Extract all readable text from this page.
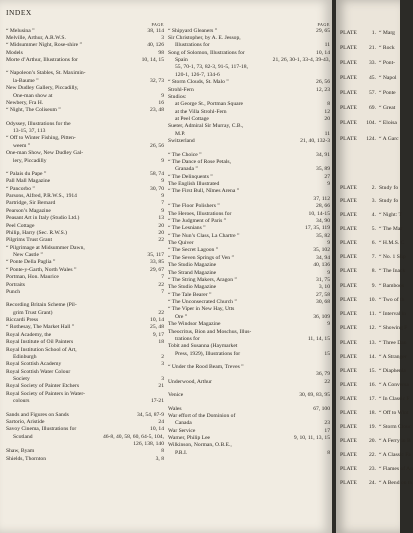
INDEX
PAGE
“ Melusina ”	38, 114
Melville, Arthur, A.R.W.S.	3
“ Midsummer Night, Rose-shire ”	40, 126
Models	98
Morte d’Arthur, Illustrations for	10, 14, 15
“ Napoleon’s Stables, St. Maximin-
la-Baume ”	32, 73
New Dudley Gallery, Piccadilly,
One-man show at	9
Newbery, Fra H.	16
“ Night, The Coliseum ”	23, 48
Odyssey, Illustrations for the
13-15, 37, 113
“ Off to Winter Fishing, Pitten-
weem ”	26, 56
One-man Show, New Dudley Gal-
lery, Piccadilly	9
“ Palais du Pape ”	58, 74
Pall Mall Magazine	9
“ Pancorbo ”	30, 70
Parsons, Alfred, P.R.W.S., 1914	9
Partridge, Sir Bernard	7
Pearson’s Magazine	9
Peasant Art in Italy (Studio Ltd.)	13
Peel Cottage	20
Philip, Harry (Sec. R.W.S.)	20
Pilgrims Trust Grant	22
“ Pilgrimage at Midsummer Dawn,
New Castle ”	35, 117
“ Ponte Della Paglia ”	33, 85
“ Ponte-y-Garth, North Wales ”	29, 67
Portman, Hon. Maurice	7
Portraits	22
Punch	7
Recording Britain Scheme (Pil-
grim Trust Grant)	22
Riccardi Press	10, 14
“ Rothesay, The Market Hall ”	25, 48
Royal Academy, the	9, 17
Royal Institute of Oil Painters	18
Royal Institution School of Art,
Edinburgh	2
Royal Scottish Academy	3
Royal Scottish Water Colour
Society	3
Royal Society of Painter Etchers	21
Royal Society of Painters in Water-
colours	17-21
Sands and Figures on Sands	34, 54, 87-9
Sartorio, Aristide	24
Savoy Cinema, Illustrations for	10, 14
Scotland	46-8, 40, 58, 60, 64-5, 104,
126, 138, 140
Shaw, Byam	8
Shields, Thornton	3, 8
PAGE
“ Shipyard Gleaners ”	29, 65
Sir Christopher, by A. E. Jessop,
Illustrations for	11
Song of Solomon, Illustrations for	10, 14
Spain	21, 26, 30-1, 33-4, 39-43,
55, 70-1, 73, 82-3, 91-5, 117-18,
120-1, 126-7, 134-6
“ Storm Clouds, St. Malo ”	26, 56
Strohl-Fern	12, 23
Studios:
at George St., Portman Square	8
at the Villa Strohl-Fern	12
at Peel Cottage	20
Sueter, Admiral Sir Murray, C.B.,
M.P.	11
Switzerland	21, 40, 132-3
“ The Choice ”	34, 91
“ The Dance of Rose Petals,
Granada ”	35, 89
“ The Delinquents ”	27
The English Illustrated	9
“ The First Bull, Nîmes Arena ”
37, 112
“ The Floor Polishers ”	28, 66
The Heroes, Illustrations for	10, 14-15
“ The Judgment of Paris ”	34, 90
“ The Lesnians ”	17, 35, 119
“ The Nun’s Class, La Chartre ”	35, 82
The Quiver	9
“ The Secret Lagoon ”	35, 102
“ The Seven Springs of Ven ”	34, 94
The Studio Magazine	40, 136
The Strand Magazine	9
“ The String Makers, Aragon ”	31, 75
The Studio Magazine	3, 10
“ The Tale Bearer ”	27, 58
“ The Unconsecrated Church ”	30, 68
“ The Viper in New Hay, Utts
Ore ”	36, 109
The Windsor Magazine	9
Theocritus, Bion and Moschus, Illus-
trations for	11, 14, 15
Tobit and Susanna (Haymarket
Press, 1929), Illustrations for	15
“ Under the Rood Beam, Treves ”
36, 79
Underwood, Arthur	22
Venice	30, 69, 83, 95
Wales	67, 100
War effort of the Dominion of
Canada	23
War Service	17
Warner, Philip Lee	9, 10, 11, 13, 15
Wilkinson, Norman, O.B.E.,
P.R.I.	8
PLATE	1. “ Marg
PLATE 21. “ Rock
PLATE 33. “ Pont-
PLATE 45. “ Napol
PLATE 57. “ Ponte
PLATE 69. “ Great
PLATE 104. “ Eloisa
PLATE 124. “ A Garc
PLATE	2. Study fo
PLATE	3. Study fo
PLATE	4. “ Night: T
PLATE	5. “ The Mar
PLATE	6. “ H.M.S. C
PLATE	7. “ No. 1 Slip
PLATE	8. “ The Inack
PLATE	9. “ Bamboos
PLATE 10. “ Two of th
PLATE 11. “ Interval in
PLATE 12. “ Showing F
PLATE 13. “ Three Dan
PLATE 14. “ A Stranger
PLATE 15. “ Diaphenia
PLATE 16. “ A Conversa
PLATE 17. “ In Classic F
PLATE 18. “ Off to Wint
PLATE 19. “ Storm Clouc
PLATE 20. “ A Ferry in B
PLATE 22. “ A Classic Fa
PLATE 23. “ Flames of Au
PLATE 24. “ A Bend on th
